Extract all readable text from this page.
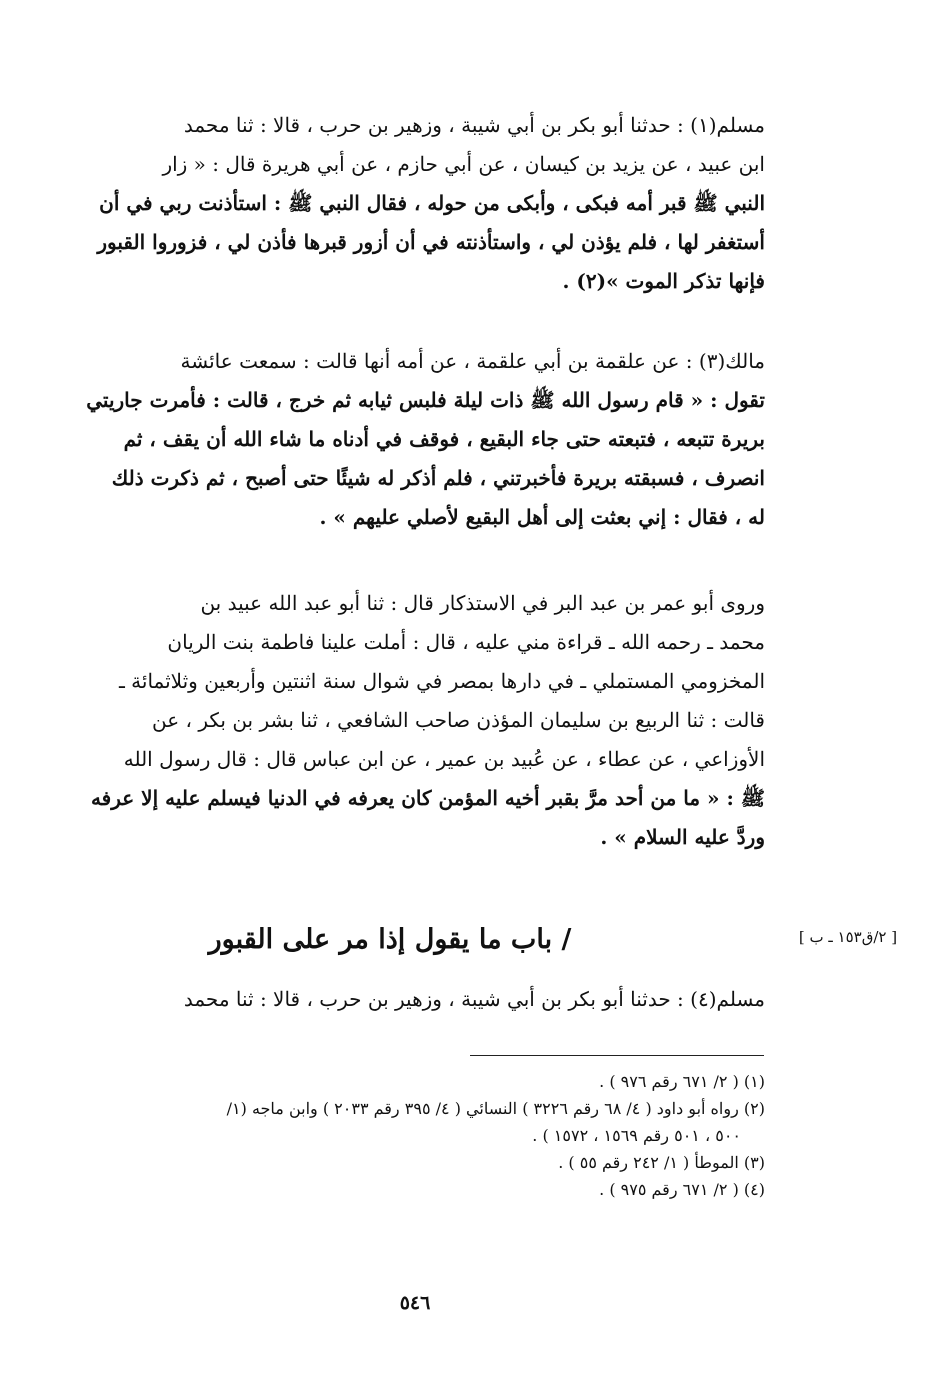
مسلم(١) : حدثنا أبو بكر بن أبي شيبة ، وزهير بن حرب ، قالا : ثنا محمد

ابن عبيد ، عن يزيد بن كيسان ، عن أبي حازم ، عن أبي هريرة قال : « زار

النبي ﷺ قبر أمه فبكى ، وأبكى من حوله ، فقال النبي ﷺ : استأذنت ربي في أن

أستغفر لها ، فلم يؤذن لي ، واستأذنته في أن أزور قبرها فأذن لي ، فزوروا القبور

فإنها تذكر الموت »(٢) .

مالك(٣) : عن علقمة بن أبي علقمة ، عن أمه أنها قالت : سمعت عائشة

تقول : « قام رسول الله ﷺ ذات ليلة فلبس ثيابه ثم خرج ، قالت : فأمرت جاريتي

بريرة تتبعه ، فتبعته حتى جاء البقيع ، فوقف في أدناه ما شاء الله أن يقف ، ثم

انصرف ، فسبقته بريرة فأخبرتني ، فلم أذكر له شيئًا حتى أصبح ، ثم ذكرت ذلك

له ، فقال : إني بعثت إلى أهل البقيع لأصلي عليهم » .

وروى أبو عمر بن عبد البر في الاستذكار قال : ثنا أبو عبد الله عبيد بن

محمد ـ رحمه الله ـ قراءة مني عليه ، قال : أملت علينا فاطمة بنت الريان

المخزومي المستملي ـ في دارها بمصر في شوال سنة اثنتين وأربعين وثلاثمائة ـ

قالت : ثنا الربيع بن سليمان المؤذن صاحب الشافعي ، ثنا بشر بن بكر ، عن

الأوزاعي ، عن عطاء ، عن عُبيد بن عمير ، عن ابن عباس قال : قال رسول الله

ﷺ : « ما من أحد مرَّ بقبر أخيه المؤمن كان يعرفه في الدنيا فيسلم عليه إلا عرفه

وردَّ عليه السلام » .

/ باب ما يقول إذا مر على القبور	[ ٢/ق١٥٣ ـ ب ]

مسلم(٤) : حدثنا أبو بكر بن أبي شيبة ، وزهير بن حرب ، قالا : ثنا محمد

(١) ( ٢/ ٦٧١ رقم ٩٧٦ ) .

(٢) رواه أبو داود ( ٤/ ٦٨ رقم ٣٢٢٦ ) النسائي ( ٤/ ٣٩٥ رقم ٢٠٣٣ ) وابن ماجه (١/

٥٠٠ ، ٥٠١ رقم ١٥٦٩ ، ١٥٧٢ ) .

(٣) الموطأ ( ١/ ٢٤٢ رقم ٥٥ ) .

(٤) ( ٢/ ٦٧١ رقم ٩٧٥ ) .

٥٤٦
